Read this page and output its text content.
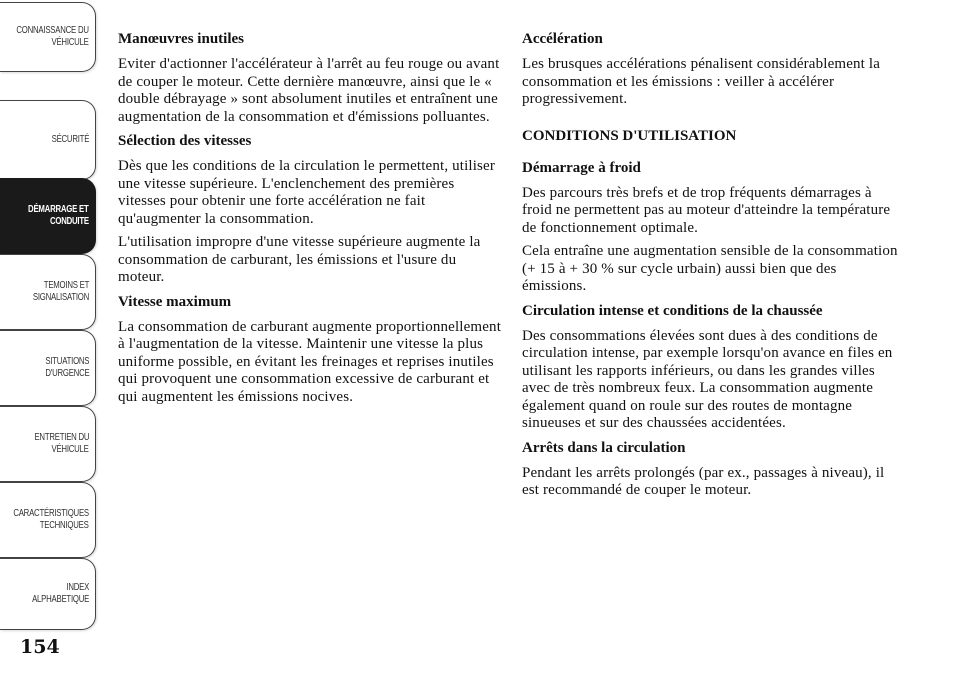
CONNAISSANCE DU
VÉHICULE
SÉCURITÉ
DÉMARRAGE ET
CONDUITE
TEMOINS ET
SIGNALISATION
SITUATIONS
D'URGENCE
ENTRETIEN DU
VÉHICULE
CARACTÉRISTIQUES
TECHNIQUES
INDEX
ALPHABETIQUE
154
Manœuvres inutiles
Eviter d'actionner l'accélérateur à l'arrêt au feu rouge ou avant de couper le moteur. Cette dernière manœuvre, ainsi que le « double débrayage » sont absolument inutiles et entraînent une augmentation de la consommation et d'émissions polluantes.
Sélection des vitesses
Dès que les conditions de la circulation le permettent, utiliser une vitesse supérieure. L'enclenchement des premières vitesses pour obtenir une forte accélération ne fait qu'augmenter la consommation.
L'utilisation impropre d'une vitesse supérieure augmente la consommation de carburant, les émissions et l'usure du moteur.
Vitesse maximum
La consommation de carburant augmente proportionnellement à l'augmentation de la vitesse. Maintenir une vitesse la plus uniforme possible, en évitant les freinages et reprises inutiles qui provoquent une consommation excessive de carburant et qui augmentent les émissions nocives.
Accélération
Les brusques accélérations pénalisent considérablement la consommation et les émissions : veiller à accélérer progressivement.
CONDITIONS D'UTILISATION
Démarrage à froid
Des parcours très brefs et de trop fréquents démarrages à froid ne permettent pas au moteur d'atteindre la température de fonctionnement optimale.
Cela entraîne une augmentation sensible de la consommation (+ 15 à + 30 % sur cycle urbain) aussi bien que des émissions.
Circulation intense et conditions de la chaussée
Des consommations élevées sont dues à des conditions de circulation intense, par exemple lorsqu'on avance en files en utilisant les rapports inférieurs, ou dans les grandes villes avec de très nombreux feux. La consommation augmente également quand on roule sur des routes de montagne sinueuses et sur des chaussées accidentées.
Arrêts dans la circulation
Pendant les arrêts prolongés (par ex., passages à niveau), il est recommandé de couper le moteur.
